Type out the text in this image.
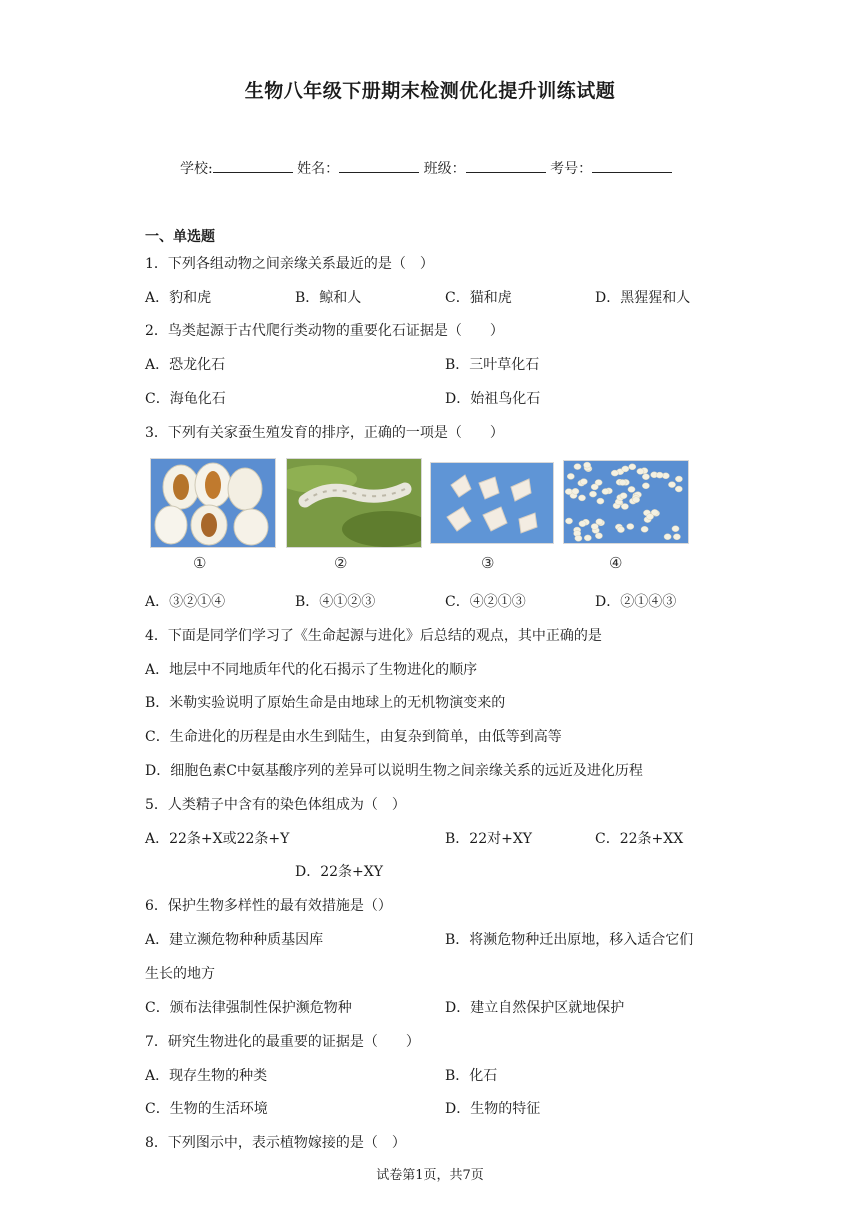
生物八年级下册期末检测优化提升训练试题
学校:	姓名：	班级：	考号：
一、单选题
1．下列各组动物之间亲缘关系最近的是（　）
A．豹和虎	B．鲸和人	C．猫和虎	D．黑猩猩和人
2．鸟类起源于古代爬行类动物的重要化石证据是（　　）
A．恐龙化石	B．三叶草化石
C．海龟化石	D．始祖鸟化石
3．下列有关家蚕生殖发育的排序，正确的一项是（　　）
①	②	③	④
A．③②①④	B．④①②③	C．④②①③	D．②①④③
4．下面是同学们学习了《生命起源与进化》后总结的观点，其中正确的是
A．地层中不同地质年代的化石揭示了生物进化的顺序
B．米勒实验说明了原始生命是由地球上的无机物演变来的
C．生命进化的历程是由水生到陆生，由复杂到简单，由低等到高等
D．细胞色素C中氨基酸序列的差异可以说明生物之间亲缘关系的远近及进化历程
5．人类精子中含有的染色体组成为（　）
A．22条+X或22条+Y	B．22对+XY	C．22条+XX
D．22条+XY
6．保护生物多样性的最有效措施是（）
A．建立濒危物种种质基因库	B．将濒危物种迁出原地，移入适合它们
生长的地方
C．颁布法律强制性保护濒危物种	D．建立自然保护区就地保护
7．研究生物进化的最重要的证据是（　　）
A．现存生物的种类	B．化石
C．生物的生活环境	D．生物的特征
8．下列图示中，表示植物嫁接的是（　）
试卷第1页，共7页
